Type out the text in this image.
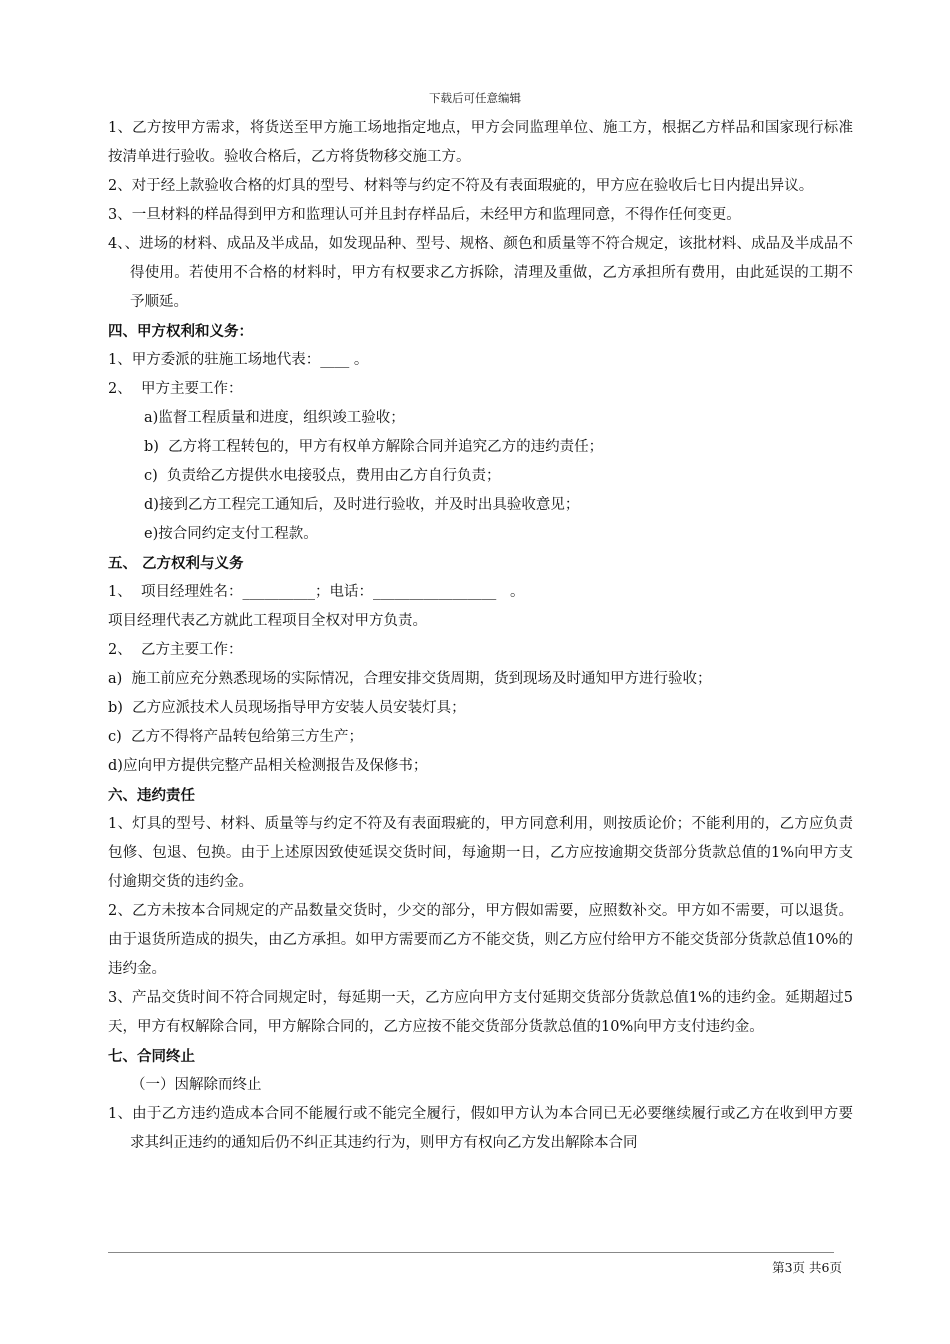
下载后可任意编辑

1、乙方按甲方需求，将货送至甲方施工场地指定地点，甲方会同监理单位、施工方，根据乙方样品和国家现行标准按清单进行验收。验收合格后，乙方将货物移交施工方。

2、对于经上款验收合格的灯具的型号、材料等与约定不符及有表面瑕疵的，甲方应在验收后七日内提出异议。

3、一旦材料的样品得到甲方和监理认可并且封存样品后，未经甲方和监理同意，不得作任何变更。

4、、进场的材料、成品及半成品，如发现品种、型号、规格、颜色和质量等不符合规定，该批材料、成品及半成品不得使用。若使用不合格的材料时，甲方有权要求乙方拆除，清理及重做，乙方承担所有费用，由此延误的工期不予顺延。

四、甲方权利和义务：

1、甲方委派的驻施工场地代表：____ 。

2、  甲方主要工作：

a)监督工程质量和进度，组织竣工验收；

b)  乙方将工程转包的，甲方有权单方解除合同并追究乙方的违约责任；

c)  负责给乙方提供水电接驳点，费用由乙方自行负责；

d)接到乙方工程完工通知后，及时进行验收，并及时出具验收意见；

e)按合同约定支付工程款。

五、 乙方权利与义务

1、  项目经理姓名：__________；电话：_________________   。

项目经理代表乙方就此工程项目全权对甲方负责。

2、  乙方主要工作：

a)  施工前应充分熟悉现场的实际情况，合理安排交货周期，货到现场及时通知甲方进行验收；

b)  乙方应派技术人员现场指导甲方安装人员安装灯具；

c)  乙方不得将产品转包给第三方生产；

d)应向甲方提供完整产品相关检测报告及保修书；

六、违约责任

1、灯具的型号、材料、质量等与约定不符及有表面瑕疵的，甲方同意利用，则按质论价；不能利用的，乙方应负责包修、包退、包换。由于上述原因致使延误交货时间，每逾期一日，乙方应按逾期交货部分货款总值的1%向甲方支付逾期交货的违约金。

2、乙方未按本合同规定的产品数量交货时，少交的部分，甲方假如需要，应照数补交。甲方如不需要，可以退货。由于退货所造成的损失，由乙方承担。如甲方需要而乙方不能交货，则乙方应付给甲方不能交货部分货款总值10%的违约金。

3、产品交货时间不符合同规定时，每延期一天，乙方应向甲方支付延期交货部分货款总值1%的违约金。延期超过5天，甲方有权解除合同，甲方解除合同的，乙方应按不能交货部分货款总值的10%向甲方支付违约金。

七、合同终止

（一）因解除而终止

1、由于乙方违约造成本合同不能履行或不能完全履行，假如甲方认为本合同已无必要继续履行或乙方在收到甲方要求其纠正违约的通知后仍不纠正其违约行为，则甲方有权向乙方发出解除本合同

第3页 共6页
